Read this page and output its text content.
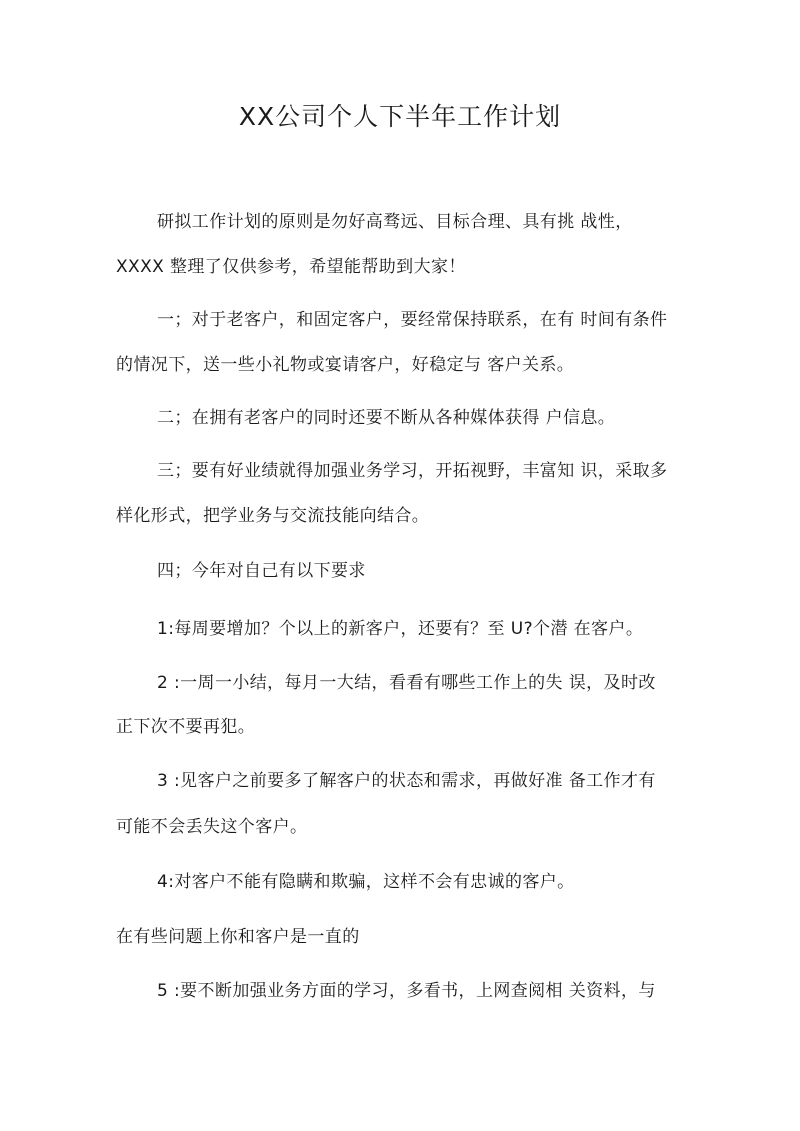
XX公司个人下半年工作计划
研拟工作计划的原则是勿好高骛远、目标合理、具有挑 战性，
XXXX 整理了仅供参考，希望能帮助到大家！
一；对于老客户，和固定客户，要经常保持联系，在有 时间有条件
的情况下，送一些小礼物或宴请客户，好稳定与 客户关系。
二；在拥有老客户的同时还要不断从各种媒体获得 户信息。
三；要有好业绩就得加强业务学习，开拓视野，丰富知 识，采取多
样化形式，把学业务与交流技能向结合。
四；今年对自己有以下要求
1:每周要增加？个以上的新客户，还要有？至 U?个潜 在客户。
2 :一周一小结，每月一大结，看看有哪些工作上的失 误，及时改
正下次不要再犯。
3 :见客户之前要多了解客户的状态和需求，再做好准 备工作才有
可能不会丢失这个客户。
4:对客户不能有隐瞒和欺骗，这样不会有忠诚的客户。
在有些问题上你和客户是一直的
5 :要不断加强业务方面的学习，多看书，上网查阅相 关资料，与
